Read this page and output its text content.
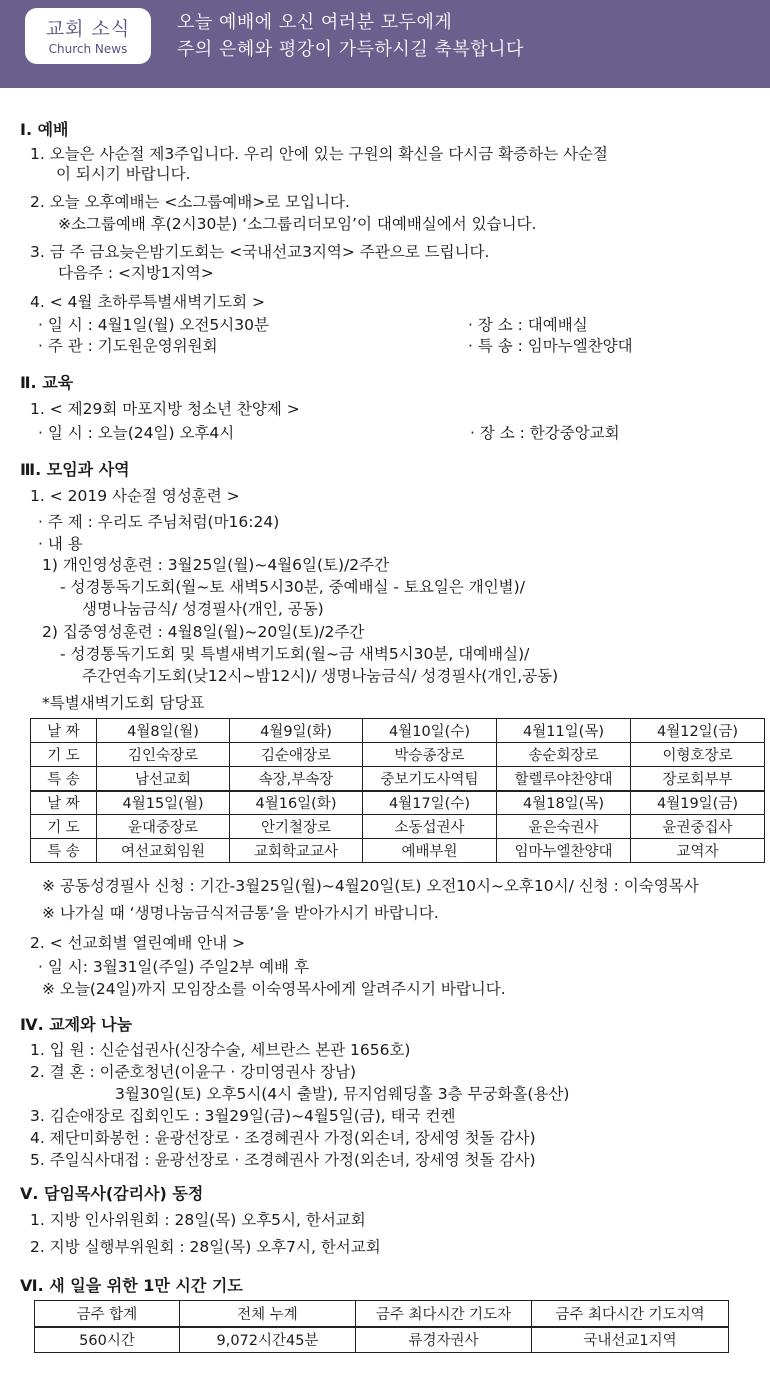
교회 소식
Church News
오늘 예배에 오신 여러분 모두에게
주의 은혜와 평강이 가득하시길 축복합니다
Ⅰ. 예배
1. 오늘은 사순절 제3주입니다. 우리 안에 있는 구원의 확신을 다시금 확증하는 사순절
이 되시기 바랍니다.
2. 오늘 오후예배는 <소그룹예배>로 모입니다.
※소그룹예배 후(2시30분) ‘소그룹리더모임’이 대예배실에서 있습니다.
3. 금 주 금요늦은밤기도회는 <국내선교3지역> 주관으로 드립니다.
다음주 : <지방1지역>
4. < 4월 초하루특별새벽기도회 >
· 일 시 : 4월1일(월) 오전5시30분	· 장 소 : 대예배실
· 주 관 : 기도원운영위원회	· 특 송 : 임마누엘찬양대
Ⅱ. 교육
1. < 제29회 마포지방 청소년 찬양제 >
· 일 시 : 오늘(24일) 오후4시	· 장 소 : 한강중앙교회
Ⅲ. 모임과 사역
1. < 2019 사순절 영성훈련 >
· 주 제 : 우리도 주님처럼(마16:24)
· 내 용
1) 개인영성훈련 : 3월25일(월)~4월6일(토)/2주간
- 성경통독기도회(월~토 새벽5시30분, 중예배실 - 토요일은 개인별)/
생명나눔금식/ 성경필사(개인, 공동)
2) 집중영성훈련 : 4월8일(월)~20일(토)/2주간
- 성경통독기도회 및 특별새벽기도회(월~금 새벽5시30분, 대예배실)/
주간연속기도회(낮12시~밤12시)/ 생명나눔금식/ 성경필사(개인,공동)
*특별새벽기도회 담당표
날 짜	4월8일(월)	4월9일(화)	4월10일(수)	4월11일(목)	4월12일(금)
기 도	김인숙장로	김순애장로	박승종장로	송순회장로	이형호장로
특 송	남선교회	속장,부속장	중보기도사역팀	할렐루야찬양대	장로회부부
날 짜	4월15일(월)	4월16일(화)	4월17일(수)	4월18일(목)	4월19일(금)
기 도	윤대중장로	안기철장로	소동섭권사	윤은숙권사	윤권중집사
특 송	여선교회임원	교회학교교사	예배부원	임마누엘찬양대	교역자
※ 공동성경필사 신청 : 기간-3월25일(월)~4월20일(토) 오전10시~오후10시/ 신청 : 이숙영목사
※ 나가실 때 ‘생명나눔금식저금통’을 받아가시기 바랍니다.
2. < 선교회별 열린예배 안내 >
· 일 시: 3월31일(주일) 주일2부 예배 후
※ 오늘(24일)까지 모임장소를 이숙영목사에게 알려주시기 바랍니다.
Ⅳ. 교제와 나눔
1. 입 원 : 신순섭권사(신장수술, 세브란스 본관 1656호)
2. 결 혼 : 이준호청년(이윤구 · 강미영권사 장남)
3월30일(토) 오후5시(4시 출발), 뮤지엄웨딩홀 3층 무궁화홀(용산)
3. 김순애장로 집회인도 : 3월29일(금)~4월5일(금), 태국 컨켄
4. 제단미화봉헌 : 윤광선장로 · 조경혜권사 가정(외손녀, 장세영 첫돌 감사)
5. 주일식사대접 : 윤광선장로 · 조경혜권사 가정(외손녀, 장세영 첫돌 감사)
Ⅴ. 담임목사(감리사) 동정
1. 지방 인사위원회 : 28일(목) 오후5시, 한서교회
2. 지방 실행부위원회 : 28일(목) 오후7시, 한서교회
Ⅵ. 새 일을 위한 1만 시간 기도
금주 합계	전체 누계	금주 최다시간 기도자	금주 최다시간 기도지역
560시간	9,072시간45분	류경자권사	국내선교1지역
